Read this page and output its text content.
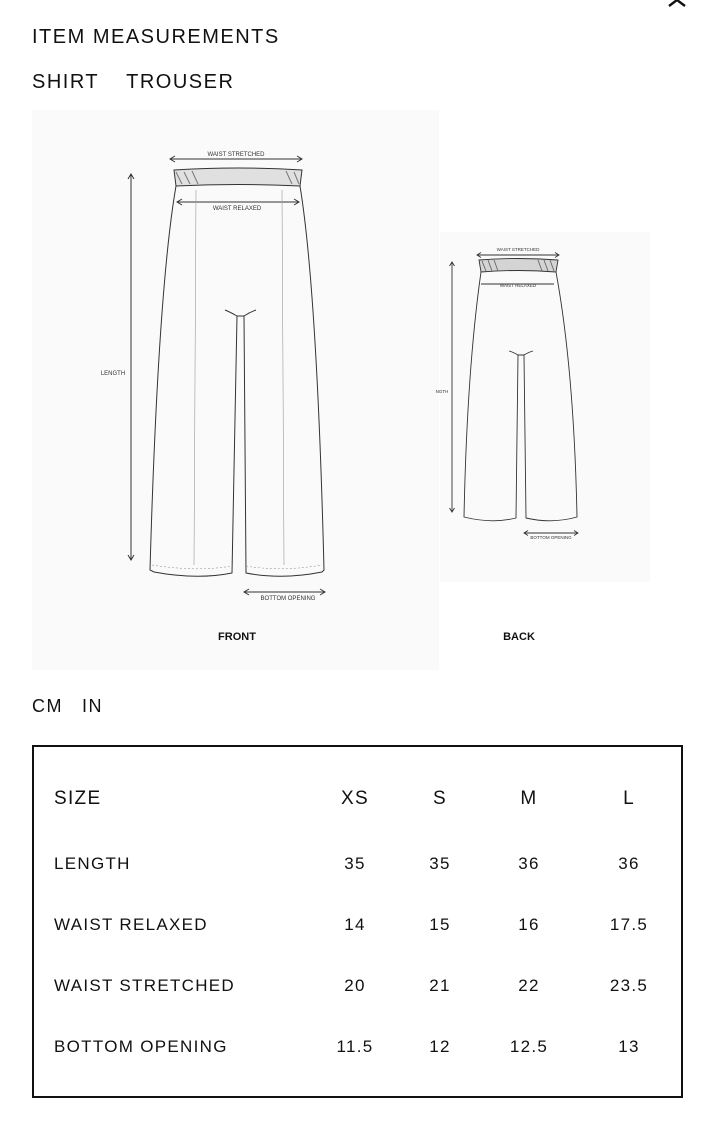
ITEM MEASUREMENTS
SHIRT TROUSER
WAIST STRETCHED
WAIST RELAXED
LENGTH
BOTTOM OPENING
FRONT
WAIST STRETCHED
WAIST RELAXED
NGTH
BOTTOM OPENING
BACK
CM IN
SIZE	XS	S	M	L
LENGTH	35	35	36	36
WAIST RELAXED	14	15	16	17.5
WAIST STRETCHED	20	21	22	23.5
BOTTOM OPENING	11.5	12	12.5	13
